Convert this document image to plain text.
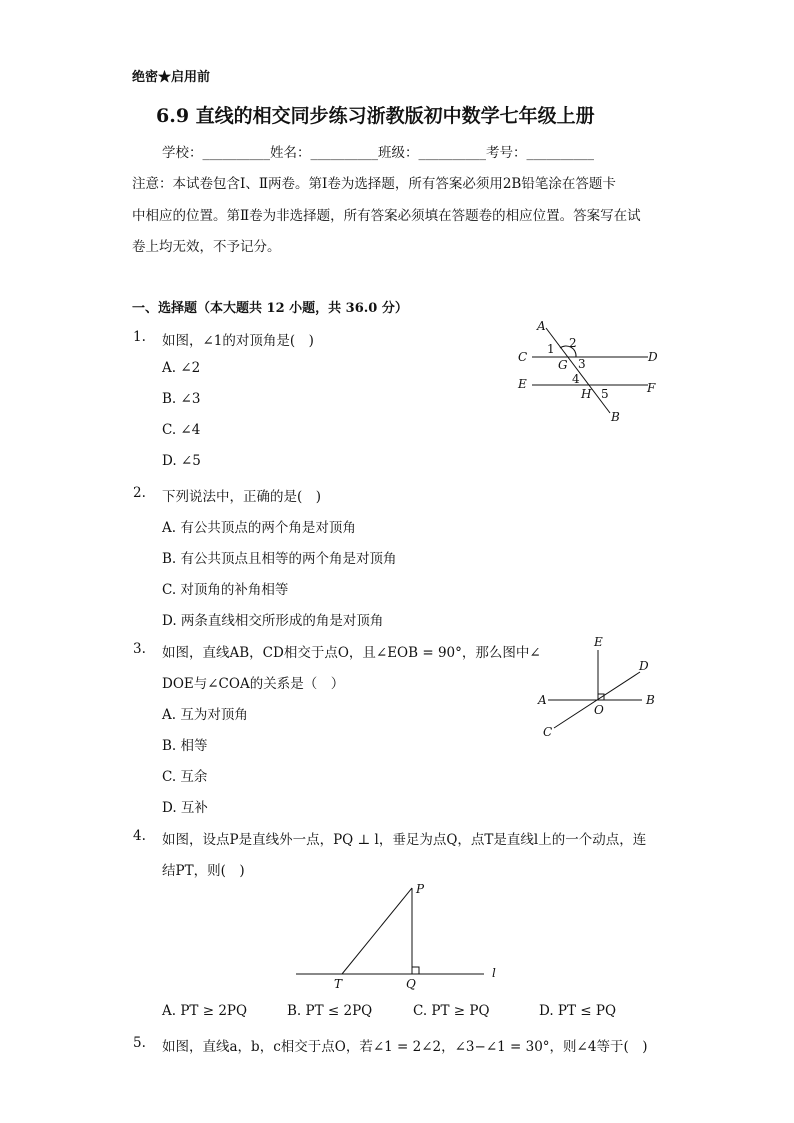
绝密★启用前
6.9 直线的相交同步练习浙教版初中数学七年级上册
学校：__________姓名：__________班级：__________考号：__________
注意：本试卷包含Ⅰ、Ⅱ两卷。第Ⅰ卷为选择题，所有答案必须用2B铅笔涂在答题卡
中相应的位置。第Ⅱ卷为非选择题，所有答案必须填在答题卷的相应位置。答案写在试
卷上均无效，不予记分。
一、选择题（本大题共 12 小题，共 36.0 分）
1. 如图，∠1的对顶角是(　)
A. ∠2
B. ∠3
C. ∠4
D. ∠5
A
B
C	D
E	F
G
H
1 2
3
4
5
2. 下列说法中，正确的是(　)
A. 有公共顶点的两个角是对顶角
B. 有公共顶点且相等的两个角是对顶角
C. 对顶角的补角相等
D. 两条直线相交所形成的角是对顶角
3. 如图，直线AB，CD相交于点O，且∠EOB = 90°，那么图中∠
DOE与∠COA的关系是（　）
A. 互为对顶角
B. 相等
C. 互余
D. 互补
E
D
A	B
O
C
4. 如图，设点P是直线外一点，PQ ⊥ l，垂足为点Q，点T是直线l上的一个动点，连
结PT，则(　)
P
T	Q
l
A. PT ≥ 2PQ	B. PT ≤ 2PQ	C. PT ≥ PQ	D. PT ≤ PQ
5. 如图，直线a，b，c相交于点O，若∠1 = 2∠2，∠3−∠1 = 30°，则∠4等于(　)
